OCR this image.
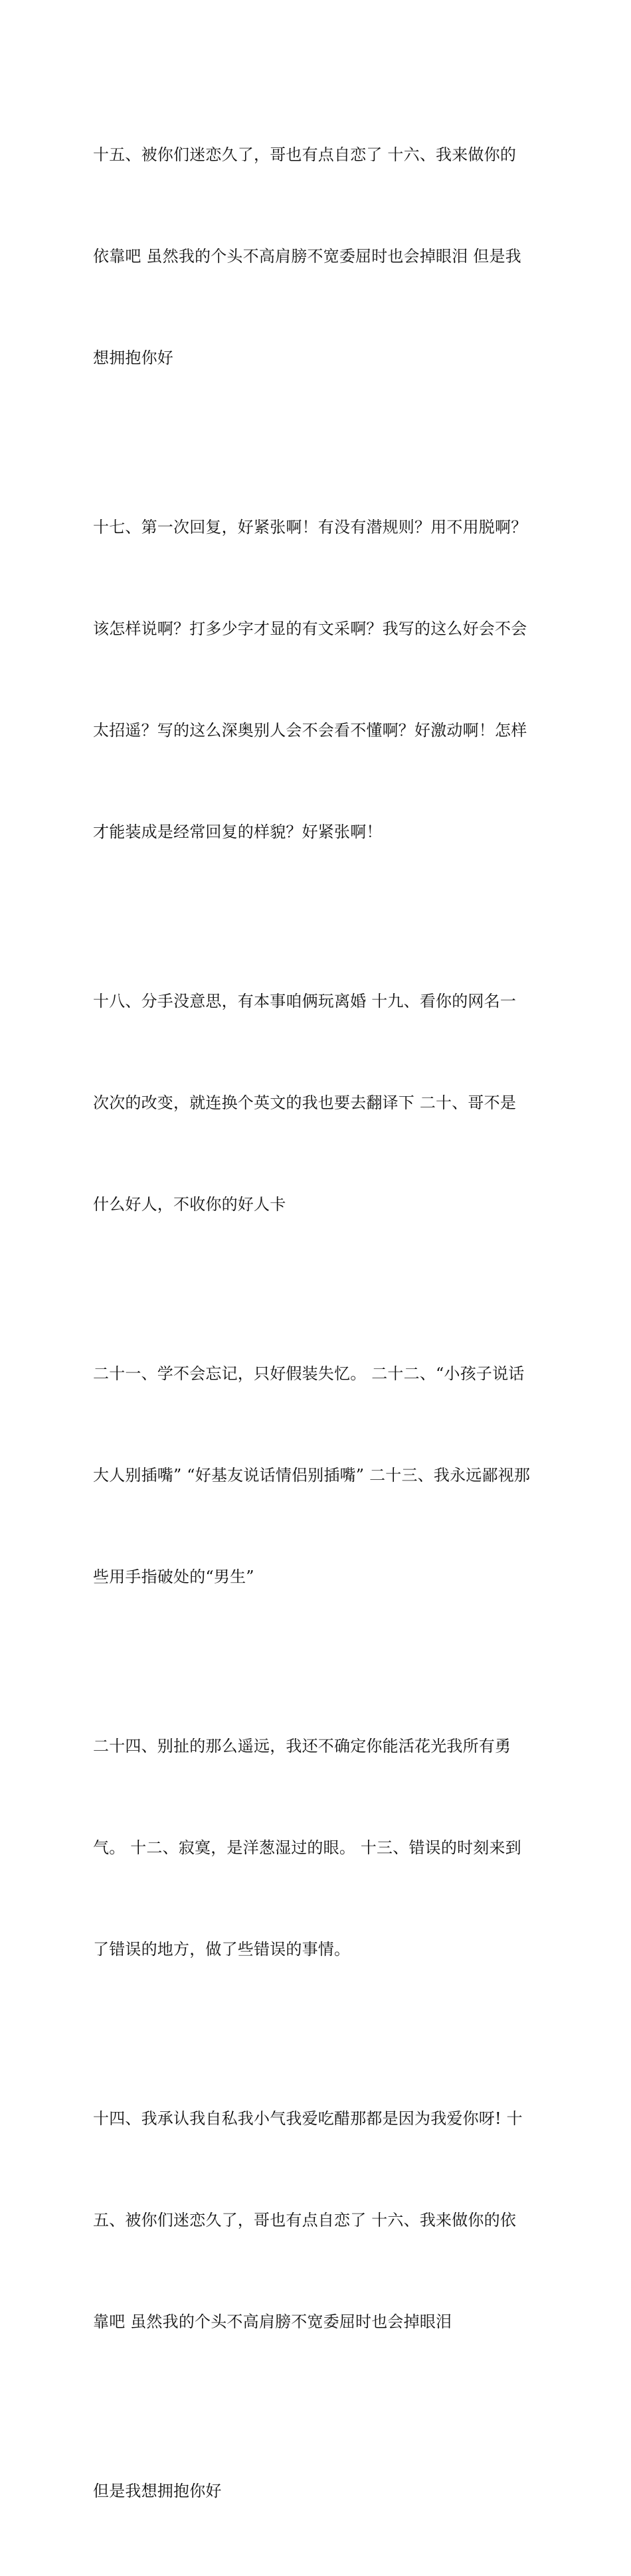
十五、被你们迷恋久了，哥也有点自恋了 十六、我来做你的

依靠吧 虽然我的个头不高肩膀不宽委屈时也会掉眼泪 但是我

想拥抱你好

十七、第一次回复，好紧张啊！有没有潜规则？用不用脱啊？

该怎样说啊？打多少字才显的有文采啊？我写的这么好会不会

太招遥？写的这么深奥别人会不会看不懂啊？好激动啊！怎样

才能装成是经常回复的样貌？好紧张啊！

十八、分手没意思，有本事咱俩玩离婚 十九、看你的网名一

次次的改变，就连换个英文的我也要去翻译下 二十、哥不是

什么好人，不收你的好人卡

二十一、学不会忘记，只好假装失忆。 二十二、“小孩子说话

大人别插嘴” “好基友说话情侣别插嘴” 二十三、我永远鄙视那

些用手指破处的“男生”

二十四、别扯的那么遥远，我还不确定你能活花光我所有勇

气。 十二、寂寞，是洋葱湿过的眼。 十三、错误的时刻来到

了错误的地方，做了些错误的事情。

十四、我承认我自私我小气我爱吃醋那都是因为我爱你呀! 十

五、被你们迷恋久了，哥也有点自恋了 十六、我来做你的依

靠吧 虽然我的个头不高肩膀不宽委屈时也会掉眼泪

但是我想拥抱你好
